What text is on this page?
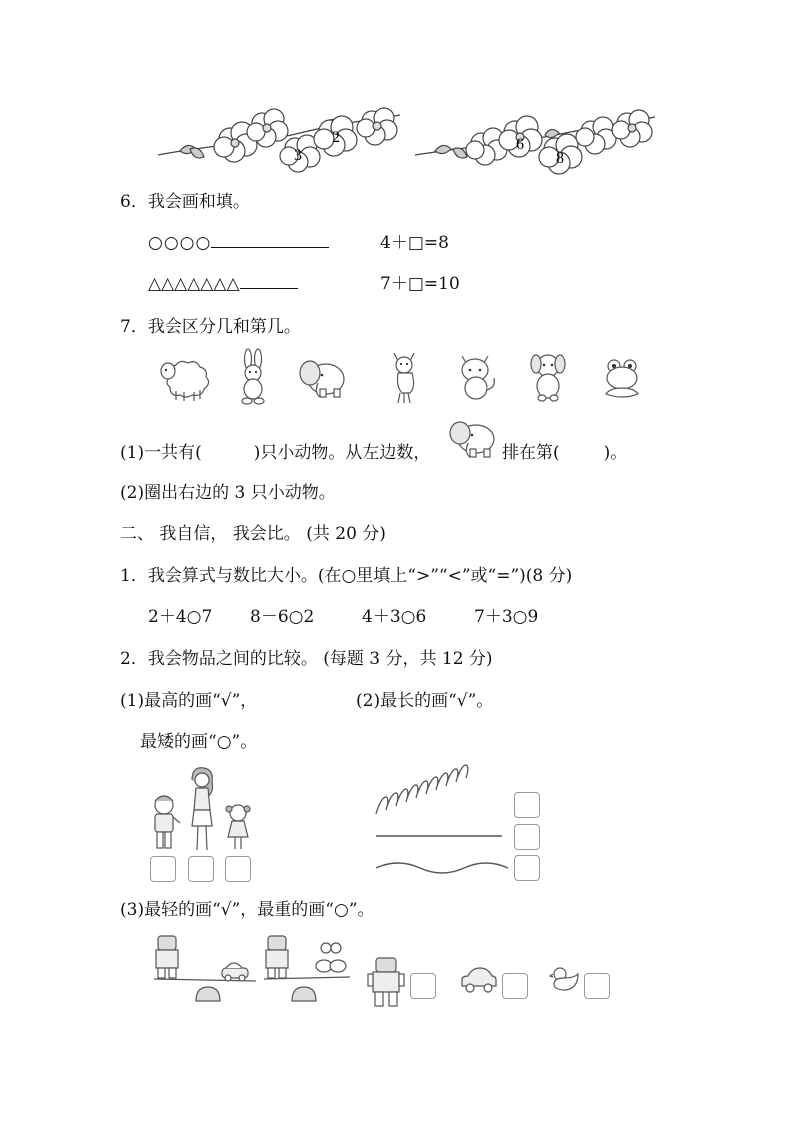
3
2	6
8
6．我会画和填。
○○○○	4＋□=8
△△△△△△△	7＋□=10
7．我会区分几和第几。
(1)一共有(	)只小动物。从左边数，	排在第(	)。
(2)圈出右边的 3 只小动物。
二、 我自信， 我会比。 (共 20 分)
1．我会算式与数比大小。(在○里填上“>”“<”或“=”)(8 分)
2＋4○7 8－6○2	4＋3○6	7＋3○9
2．我会物品之间的比较。 (每题 3 分，共 12 分)
(1)最高的画“√”，	(2)最长的画“√”。
最矮的画“○”。
(3)最轻的画“√”，最重的画“○”。
